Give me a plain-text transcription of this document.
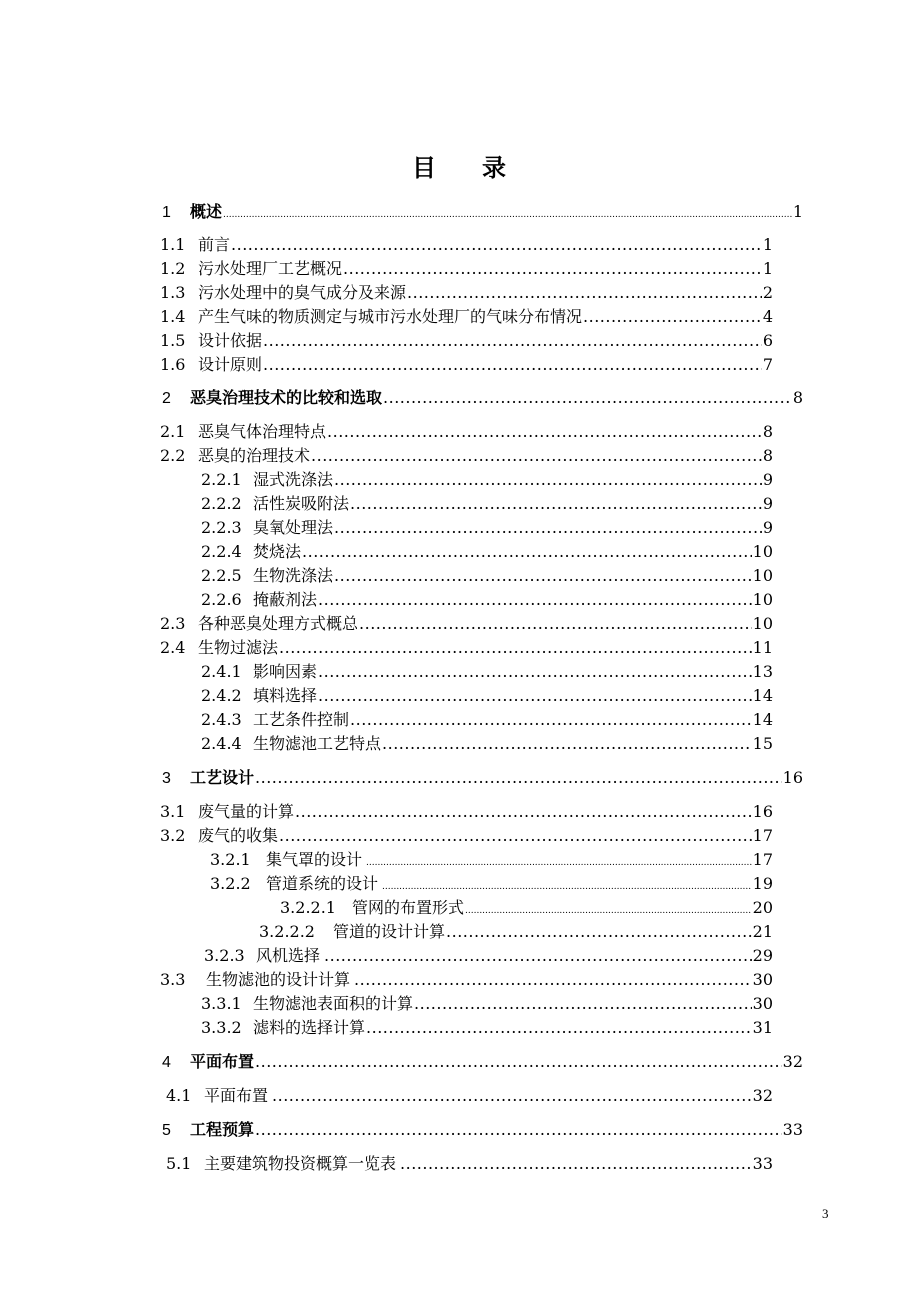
目 录
1	概述 .....	1
1.1 前言 .....	1
1.2 污水处理厂工艺概况 .....	1
1.3 污水处理中的臭气成分及来源 .....	2
1.4 产生气味的物质测定与城市污水处理厂的气味分布情况 .....	4
1.5 设计依据 .....	6
1.6 设计原则 .....	7
2	恶臭治理技术的比较和选取 .....	8
2.1 恶臭气体治理特点 .....	8
2.2 恶臭的治理技术 .....	8
2.2.1 湿式洗涤法 .....	9
2.2.2 活性炭吸附法 .....	9
2.2.3 臭氧处理法 .....	9
2.2.4 焚烧法 .....	10
2.2.5 生物洗涤法 .....	10
2.2.6 掩蔽剂法 .....	10
2.3 各种恶臭处理方式概总 .....	10
2.4 生物过滤法 .....	11
2.4.1 影响因素 .....	13
2.4.2 填料选择 .....	14
2.4.3 工艺条件控制 .....	14
2.4.4 生物滤池工艺特点 .....	15
3	工艺设计 .....	16
3.1 废气量的计算 .....	16
3.2 废气的收集 .....	17
3.2.1 集气罩的设计 .....	17
3.2.2 管道系统的设计 .....	19
3.2.2.1	管网的布置形式 .....	20
3.2.2.2	管道的设计计算 .....	21
3.2.3 风机选择 .....	29
3.3	生物滤池的设计计算 .....	30
3.3.1 生物滤池表面积的计算 .....	30
3.3.2 滤料的选择计算 .....	31
4	平面布置 .....	32
4.1 平面布置 .....	32
5	工程预算 .....	33
5.1 主要建筑物投资概算一览表 .....	33
3
